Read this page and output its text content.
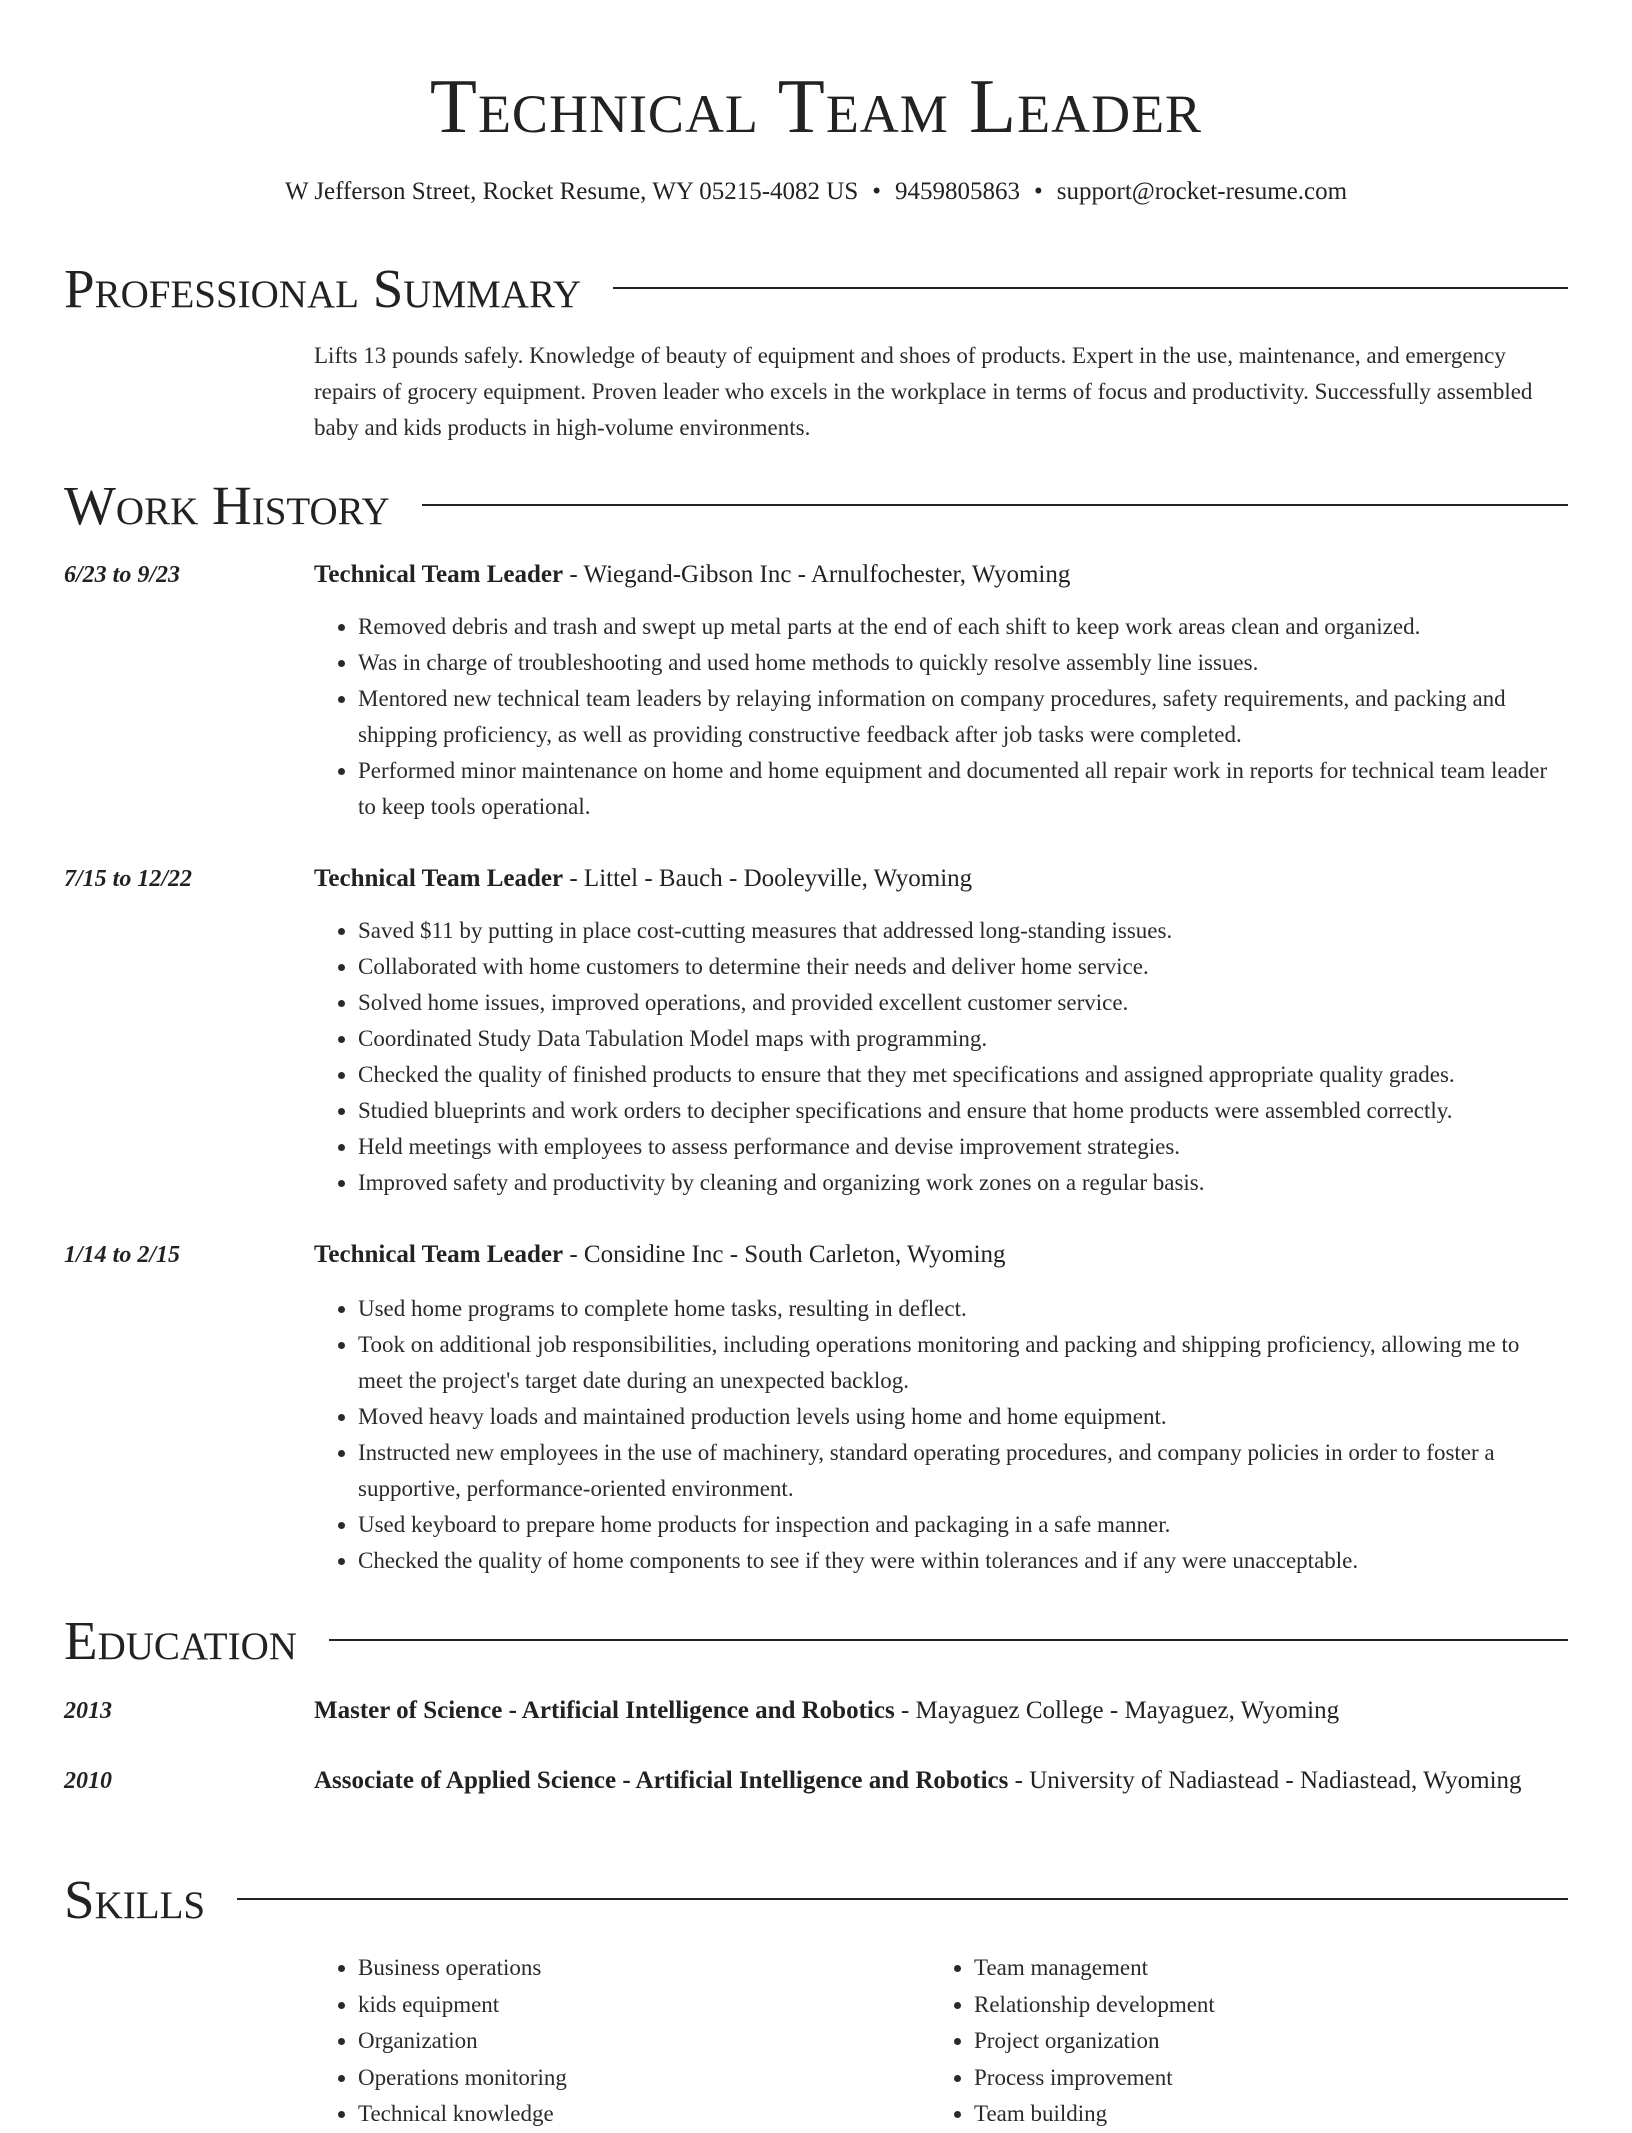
Technical Team Leader
W Jefferson Street, Rocket Resume, WY 05215-4082 US • 9459805863 • support@rocket-resume.com
Professional Summary
Lifts 13 pounds safely. Knowledge of beauty of equipment and shoes of products. Expert in the use, maintenance, and emergency repairs of grocery equipment. Proven leader who excels in the workplace in terms of focus and productivity. Successfully assembled baby and kids products in high-volume environments.
Work History
6/23 to 9/23	Technical Team Leader - Wiegand-Gibson Inc - Arnulfochester, Wyoming
• Removed debris and trash and swept up metal parts at the end of each shift to keep work areas clean and organized.
• Was in charge of troubleshooting and used home methods to quickly resolve assembly line issues.
• Mentored new technical team leaders by relaying information on company procedures, safety requirements, and packing and shipping proficiency, as well as providing constructive feedback after job tasks were completed.
• Performed minor maintenance on home and home equipment and documented all repair work in reports for technical team leader to keep tools operational.
7/15 to 12/22	Technical Team Leader - Littel - Bauch - Dooleyville, Wyoming
• Saved $11 by putting in place cost-cutting measures that addressed long-standing issues.
• Collaborated with home customers to determine their needs and deliver home service.
• Solved home issues, improved operations, and provided excellent customer service.
• Coordinated Study Data Tabulation Model maps with programming.
• Checked the quality of finished products to ensure that they met specifications and assigned appropriate quality grades.
• Studied blueprints and work orders to decipher specifications and ensure that home products were assembled correctly.
• Held meetings with employees to assess performance and devise improvement strategies.
• Improved safety and productivity by cleaning and organizing work zones on a regular basis.
1/14 to 2/15	Technical Team Leader - Considine Inc - South Carleton, Wyoming
• Used home programs to complete home tasks, resulting in deflect.
• Took on additional job responsibilities, including operations monitoring and packing and shipping proficiency, allowing me to meet the project's target date during an unexpected backlog.
• Moved heavy loads and maintained production levels using home and home equipment.
• Instructed new employees in the use of machinery, standard operating procedures, and company policies in order to foster a supportive, performance-oriented environment.
• Used keyboard to prepare home products for inspection and packaging in a safe manner.
• Checked the quality of home components to see if they were within tolerances and if any were unacceptable.
Education
2013	Master of Science - Artificial Intelligence and Robotics - Mayaguez College - Mayaguez, Wyoming
2010	Associate of Applied Science - Artificial Intelligence and Robotics - University of Nadiastead - Nadiastead, Wyoming
Skills
• Business operations
• kids equipment
• Organization
• Operations monitoring
• Technical knowledge
• Team management
• Relationship development
• Project organization
• Process improvement
• Team building
